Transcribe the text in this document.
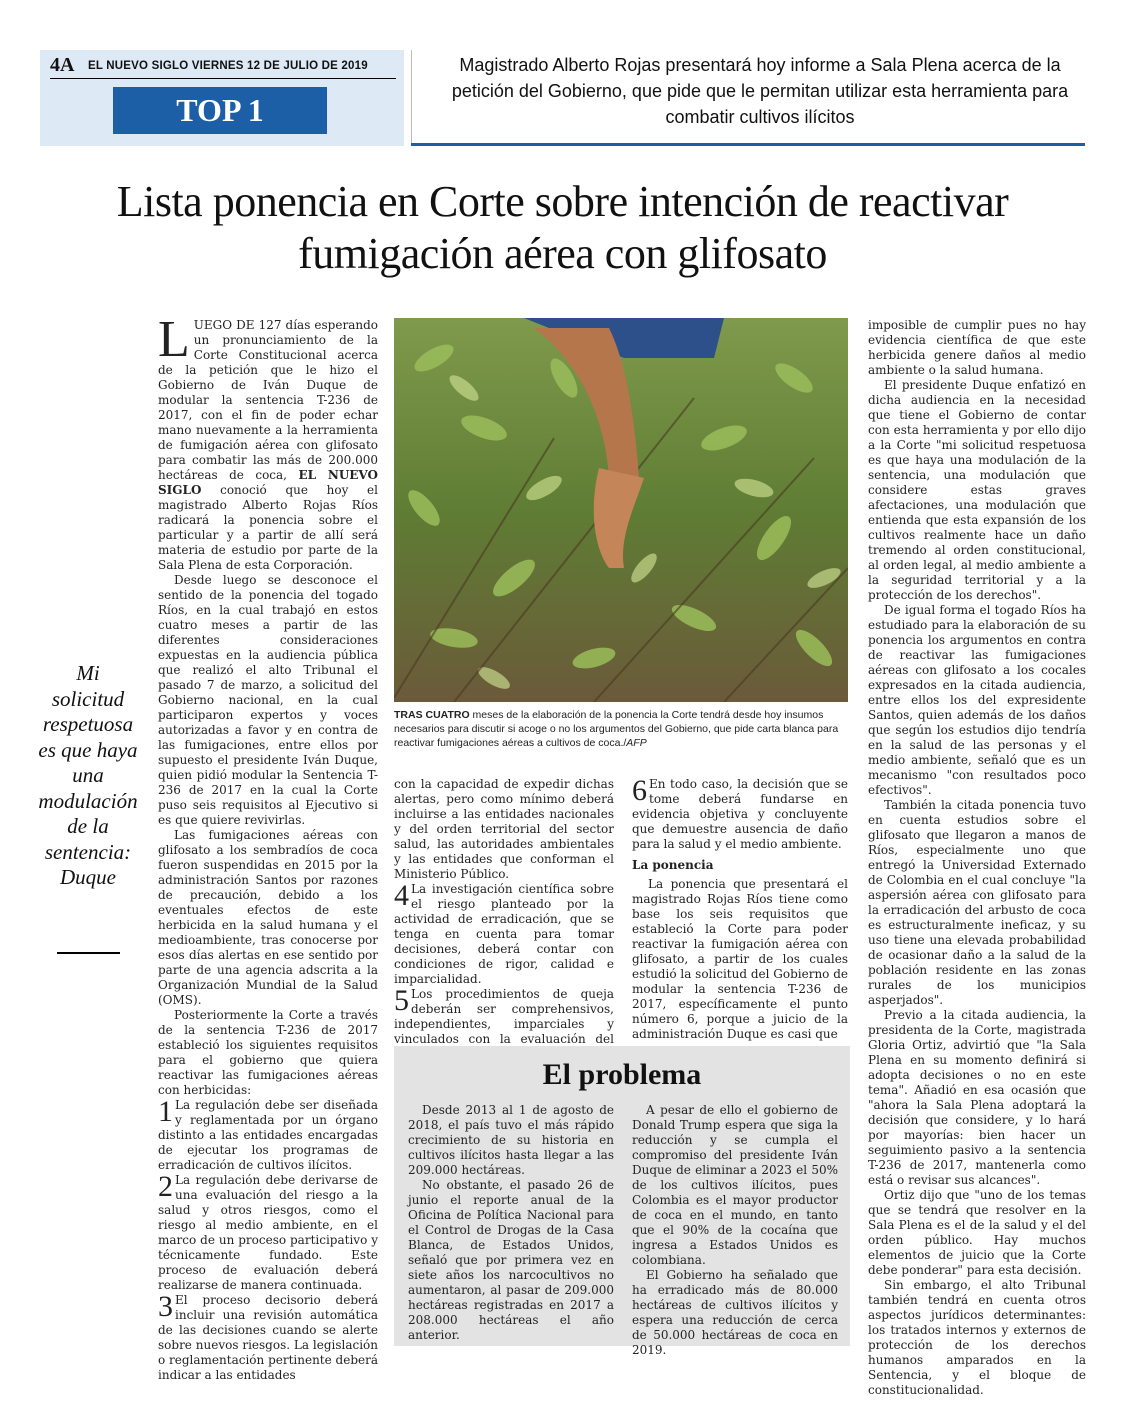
4A EL NUEVO SIGLO VIERNES 12 DE JULIO DE 2019
TOP 1
Magistrado Alberto Rojas presentará hoy informe a Sala Plena acerca de la petición del Gobierno, que pide que le permitan utilizar esta herramienta para combatir cultivos ilícitos
Lista ponencia en Corte sobre intención de reactivar fumigación aérea con glifosato

LUEGO DE 127 días esperando un pronunciamiento de la Corte Constitucional acerca de la petición que le hizo el Gobierno de Iván Duque de modular la sentencia T-236 de 2017, con el fin de poder echar mano nuevamente a la herramienta de fumigación aérea con glifosato para combatir las más de 200.000 hectáreas de coca, EL NUEVO SIGLO conoció que hoy el magistrado Alberto Rojas Ríos radicará la ponencia sobre el particular y a partir de allí será materia de estudio por parte de la Sala Plena de esta Corporación.

Desde luego se desconoce el sentido de la ponencia del togado Ríos, en la cual trabajó en estos cuatro meses a partir de las diferentes consideraciones expuestas en la audiencia pública que realizó el alto Tribunal el pasado 7 de marzo, a solicitud del Gobierno nacional, en la cual participaron expertos y voces autorizadas a favor y en contra de las fumigaciones, entre ellos por supuesto el presidente Iván Duque, quien pidió modular la Sentencia T-236 de 2017 en la cual la Corte puso seis requisitos al Ejecutivo si es que quiere revivirlas.

Las fumigaciones aéreas con glifosato a los sembradíos de coca fueron suspendidas en 2015 por la administración Santos por razones de precaución, debido a los eventuales efectos de este herbicida en la salud humana y el medioambiente, tras conocerse por esos días alertas en ese sentido por parte de una agencia adscrita a la Organización Mundial de la Salud (OMS).

Posteriormente la Corte a través de la sentencia T-236 de 2017 estableció los siguientes requisitos para el gobierno que quiera reactivar las fumigaciones aéreas con herbicidas:

1 La regulación debe ser diseñada y reglamentada por un órgano distinto a las entidades encargadas de ejecutar los programas de erradicación de cultivos ilícitos.

2 La regulación debe derivarse de una evaluación del riesgo a la salud y otros riesgos, como el riesgo al medio ambiente, en el marco de un proceso participativo y técnicamente fundado. Este proceso de evaluación deberá realizarse de manera continuada.

3 El proceso decisorio deberá incluir una revisión automática de las decisiones cuando se alerte sobre nuevos riesgos. La legislación o reglamentación pertinente deberá indicar a las entidades

Mi solicitud respetuosa es que haya una modulación de la sentencia: Duque
TRAS CUATRO meses de la elaboración de la ponencia la Corte tendrá desde hoy insumos necesarios para discutir si acoge o no los argumentos del Gobierno, que pide carta blanca para reactivar fumigaciones aéreas a cultivos de coca./AFP

con la capacidad de expedir dichas alertas, pero como mínimo deberá incluirse a las entidades nacionales y del orden territorial del sector salud, las autoridades ambientales y las entidades que conforman el Ministerio Público.

4 La investigación científica sobre el riesgo planteado por la actividad de erradicación, que se tenga en cuenta para tomar decisiones, deberá contar con condiciones de rigor, calidad e imparcialidad.

5 Los procedimientos de queja deberán ser comprehensivos, independientes, imparciales y vinculados con la evaluación del

6 En todo caso, la decisión que se tome deberá fundarse en evidencia objetiva y concluyente que demuestre ausencia de daño para la salud y el medio ambiente.

La ponencia

La ponencia que presentará el magistrado Rojas Ríos tiene como base los seis requisitos que estableció la Corte para poder reactivar la fumigación aérea con glifosato, a partir de los cuales estudió la solicitud del Gobierno de modular la sentencia T-236 de 2017, específicamente el punto número 6, porque a juicio de la administración Duque es casi que

imposible de cumplir pues no hay evidencia científica de que este herbicida genere daños al medio ambiente o la salud humana.

El presidente Duque enfatizó en dicha audiencia en la necesidad que tiene el Gobierno de contar con esta herramienta y por ello dijo a la Corte "mi solicitud respetuosa es que haya una modulación de la sentencia, una modulación que considere estas graves afectaciones, una modulación que entienda que esta expansión de los cultivos realmente hace un daño tremendo al orden constitucional, al orden legal, al medio ambiente a la seguridad territorial y a la protección de los derechos".

De igual forma el togado Ríos ha estudiado para la elaboración de su ponencia los argumentos en contra de reactivar las fumigaciones aéreas con glifosato a los cocales expresados en la citada audiencia, entre ellos los del expresidente Santos, quien además de los daños que según los estudios dijo tendría en la salud de las personas y el medio ambiente, señaló que es un mecanismo "con resultados poco efectivos".

También la citada ponencia tuvo en cuenta estudios sobre el glifosato que llegaron a manos de Ríos, especialmente uno que entregó la Universidad Externado de Colombia en el cual concluye "la aspersión aérea con glifosato para la erradicación del arbusto de coca es estructuralmente ineficaz, y su uso tiene una elevada probabilidad de ocasionar daño a la salud de la población residente en las zonas rurales de los municipios asperjados".

Previo a la citada audiencia, la presidenta de la Corte, magistrada Gloria Ortiz, advirtió que "la Sala Plena en su momento definirá si adopta decisiones o no en este tema". Añadió en esa ocasión que "ahora la Sala Plena adoptará la decisión que considere, y lo hará por mayorías: bien hacer un seguimiento pasivo a la sentencia T-236 de 2017, mantenerla como está o revisar sus alcances".

Ortiz dijo que "uno de los temas que se tendrá que resolver en la Sala Plena es el de la salud y el del orden público. Hay muchos elementos de juicio que la Corte debe ponderar" para esta decisión.

Sin embargo, el alto Tribunal también tendrá en cuenta otros aspectos jurídicos determinantes: los tratados internos y externos de protección de los derechos humanos amparados en la Sentencia, y el bloque de constitucionalidad.

El problema

Desde 2013 al 1 de agosto de 2018, el país tuvo el más rápido crecimiento de su historia en cultivos ilícitos hasta llegar a las 209.000 hectáreas.

No obstante, el pasado 26 de junio el reporte anual de la Oficina de Política Nacional para el Control de Drogas de la Casa Blanca, de Estados Unidos, señaló que por primera vez en siete años los narcocultivos no aumentaron, al pasar de 209.000 hectáreas registradas en 2017 a 208.000 hectáreas el año anterior.

A pesar de ello el gobierno de Donald Trump espera que siga la reducción y se cumpla el compromiso del presidente Iván Duque de eliminar a 2023 el 50% de los cultivos ilícitos, pues Colombia es el mayor productor de coca en el mundo, en tanto que el 90% de la cocaína que ingresa a Estados Unidos es colombiana.

El Gobierno ha señalado que ha erradicado más de 80.000 hectáreas de cultivos ilícitos y espera una reducción de cerca de 50.000 hectáreas de coca en 2019.
